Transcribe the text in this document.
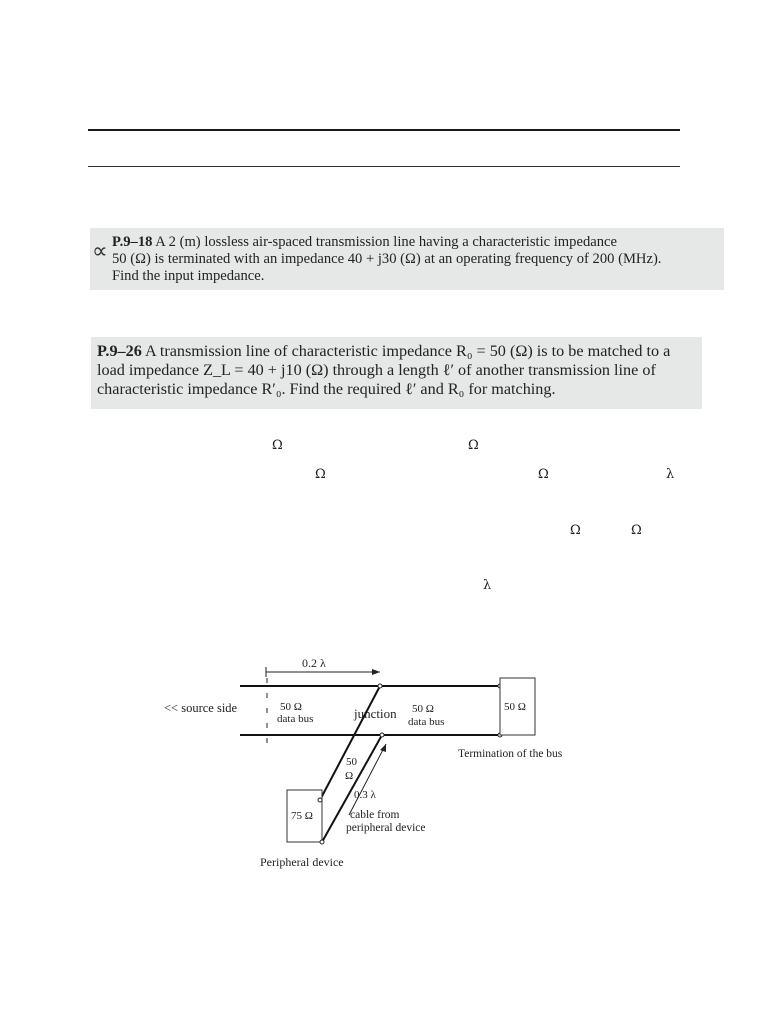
∝ P.9–18 A 2 (m) lossless air-spaced transmission line having a characteristic impedance
50 (Ω) is terminated with an impedance 40 + j30 (Ω) at an operating frequency of 200 (MHz).
Find the input impedance.
P.9–26 A transmission line of characteristic impedance R₀ = 50 (Ω) is to be matched to a
load impedance Z_L = 40 + j10 (Ω) through a length ℓ′ of another transmission line of
characteristic impedance R′₀. Find the required ℓ′ and R₀ for matching.
Ω	Ω
Ω	Ω	λ
Ω	Ω
λ
0.2 λ
50 Ω
Termination of the bus
<< source side	50 Ω
data bus	junction 50 Ω
data bus
50
Ω
0.3 λ
cable from
peripheral device
75 Ω
Peripheral device
